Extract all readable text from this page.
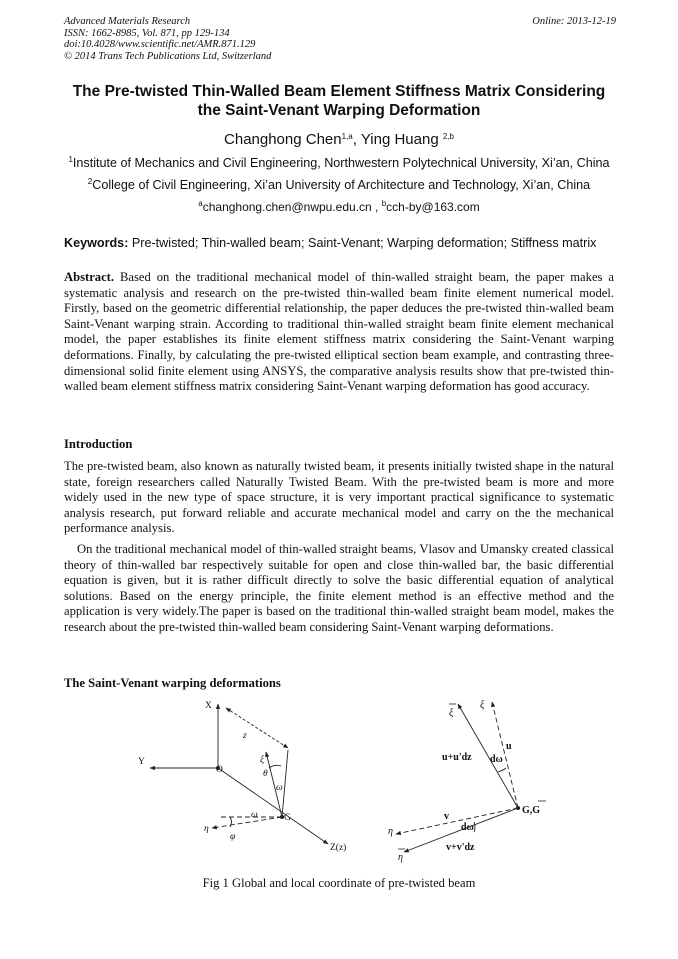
Advanced Materials Research
ISSN: 1662-8985, Vol. 871, pp 129-134
doi:10.4028/www.scientific.net/AMR.871.129
© 2014 Trans Tech Publications Ltd, Switzerland
Online: 2013-12-19
The Pre-twisted Thin-Walled Beam Element Stiffness Matrix Considering
the Saint-Venant Warping Deformation
Changhong Chen$^{1,a}$, Ying Huang $^{2,b}$
$^1$Institute of Mechanics and Civil Engineering, Northwestern Polytechnical University, Xi’an, China
$^2$College of Civil Engineering, Xi’an University of Architecture and Technology, Xi’an, China
$^a$changhong.chen@nwpu.edu.cn , $^b$cch-by@163.com
Keywords: Pre-twisted; Thin-walled beam; Saint-Venant; Warping deformation; Stiffness matrix

Abstract. Based on the traditional mechanical model of thin-walled straight beam, the paper makes a systematic analysis and research on the pre-twisted thin-walled beam finite element numerical model. Firstly, based on the geometric differential relationship, the paper deduces the pre-twisted thin-walled beam Saint-Venant warping strain. According to traditional thin-walled straight beam finite element mechanical model, the paper establishes its finite element stiffness matrix considering the Saint-Venant warping deformations. Finally, by calculating the pre-twisted elliptical section beam example, and contrasting three-dimensional solid finite element using ANSYS, the comparative analysis results show that pre-twisted thin-walled beam element stiffness matrix considering Saint-Venant warping deformation has good accuracy.

Introduction

The pre-twisted beam, also known as naturally twisted beam, it presents initially twisted shape in the natural state, foreign researchers called Naturally Twisted Beam. With the pre-twisted beam is more and more widely used in the new type of space structure, it is very important practical significance to systematic analysis research, put forward reliable and accurate mechanical model and carry on the the mechanical performance analysis.

On the traditional mechanical model of thin-walled straight beams, Vlasov and Umansky created classical theory of thin-walled bar respectively suitable for open and close thin-walled bar, the basic differential equation is given, but it is rather difficult directly to solve the basic differential equation of analytical solutions. Based on the energy principle, the finite element method is an effective method and the application is very widely.The paper is based on the traditional thin-walled straight beam model, makes the research about the pre-twisted thin-walled beam considering Saint-Venant warping deformations.

The Saint-Venant warping deformations
X
Y
O
z
Z(z)
ξ
θ
ω
ω	G
η
φ
ξ
ξ
u
u+u'dz dω
G,G
v
dω
η
η
v+v'dz
Fig 1 Global and local coordinate of pre-twisted beam
